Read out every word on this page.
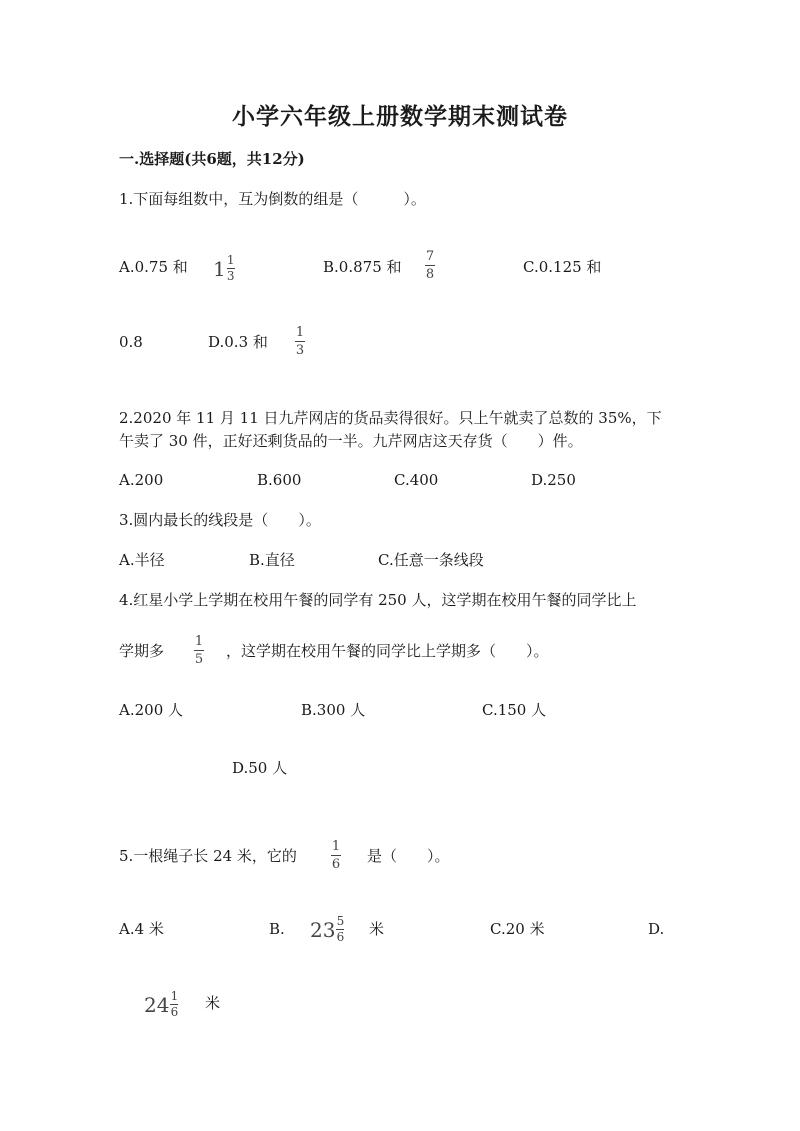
小学六年级上册数学期末测试卷
一.选择题(共6题，共12分)
1.下面每组数中，互为倒数的组是（　　　）。
A.0.75 和 $1 \frac{1}{3}$	B.0.875 和
7
8	C.0.125 和
0.8	D.0.3 和
1
3
2.2020 年 11 月 11 日九芹网店的货品卖得很好。只上午就卖了总数的 35%，下
午卖了 30 件，正好还剩货品的一半。九芹网店这天存货（　　）件。
A.200	B.600	C.400	D.250
3.圆内最长的线段是（　　）。
A.半径	B.直径	C.任意一条线段
4.红星小学上学期在校用午餐的同学有 250 人，这学期在校用午餐的同学比上
学期多
1
5 ，这学期在校用午餐的同学比上学期多（　　）。
A.200 人	B.300 人	C.150 人
D.50 人
5.一根绳子长 24 米，它的
1
6 是（　　）。
A.4 米	B. $23 \frac{5}{6}$ 米	C.20 米	D.
$24 \frac{1}{6}$ 米
